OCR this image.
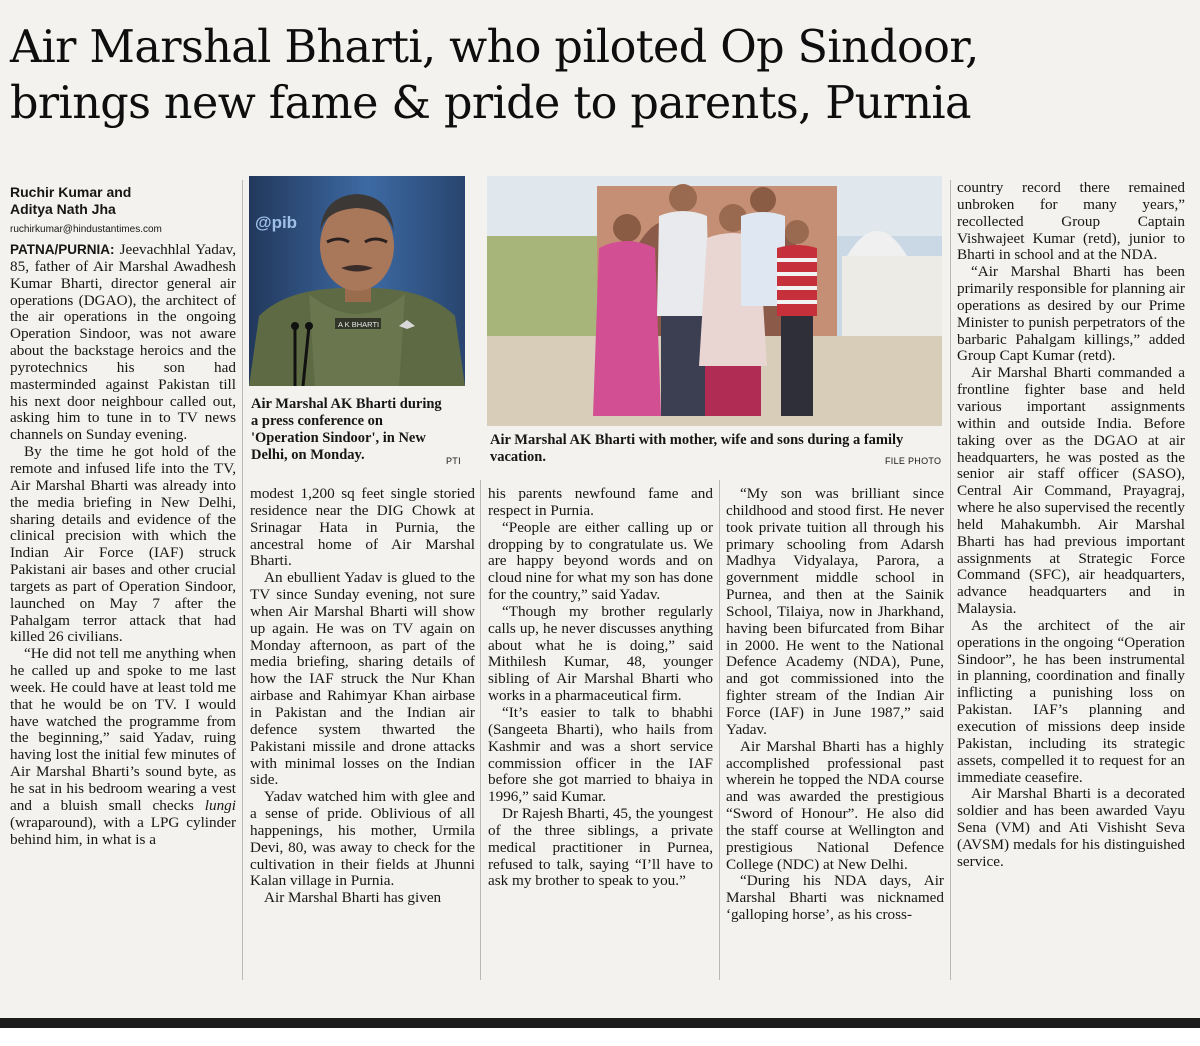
Air Marshal Bharti, who piloted Op Sindoor,
brings new fame & pride to parents, Purnia
Ruchir Kumar and
Aditya Nath Jha
ruchirkumar@hindustantimes.com

PATNA/PURNIA: Jeevachhlal Yadav, 85, father of Air Marshal Awadhesh Kumar Bharti, director general air operations (DGAO), the architect of the air operations in the ongoing Operation Sindoor, was not aware about the backstage heroics and the pyrotechnics his son had masterminded against Pakistan till his next door neighbour called out, asking him to tune in to TV news channels on Sunday evening.

By the time he got hold of the remote and infused life into the TV, Air Marshal Bharti was already into the media briefing in New Delhi, sharing details and evidence of the clinical precision with which the Indian Air Force (IAF) struck Pakistani air bases and other crucial targets as part of Operation Sindoor, launched on May 7 after the Pahalgam terror attack that had killed 26 civilians.

“He did not tell me anything when he called up and spoke to me last week. He could have at least told me that he would be on TV. I would have watched the programme from the beginning,” said Yadav, ruing having lost the initial few minutes of Air Marshal Bharti’s sound byte, as he sat in his bedroom wearing a vest and a bluish small checks lungi (wraparound), with a LPG cylinder behind him, in what is a

@pib
A K BHARTI
Air Marshal AK Bharti during a press conference on 'Operation Sindoor', in New Delhi, on Monday.	PTI

modest 1,200 sq feet single storied residence near the DIG Chowk at Srinagar Hata in Purnia, the ancestral home of Air Marshal Bharti.

An ebullient Yadav is glued to the TV since Sunday evening, not sure when Air Marshal Bharti will show up again. He was on TV again on Monday afternoon, as part of the media briefing, sharing details of how the IAF struck the Nur Khan airbase and Rahimyar Khan airbase in Pakistan and the Indian air defence system thwarted the Pakistani missile and drone attacks with minimal losses on the Indian side.

Yadav watched him with glee and a sense of pride. Oblivious of all happenings, his mother, Urmila Devi, 80, was away to check for the cultivation in their fields at Jhunni Kalan village in Purnia.

Air Marshal Bharti has given

Air Marshal AK Bharti with mother, wife and sons during a family vacation.	FILE PHOTO

his parents newfound fame and respect in Purnia.

“People are either calling up or dropping by to congratulate us. We are happy beyond words and on cloud nine for what my son has done for the country,” said Yadav.

“Though my brother regularly calls up, he never discusses anything about what he is doing,” said Mithilesh Kumar, 48, younger sibling of Air Marshal Bharti who works in a pharmaceutical firm.

“It’s easier to talk to bhabhi (Sangeeta Bharti), who hails from Kashmir and was a short service commission officer in the IAF before she got married to bhaiya in 1996,” said Kumar.

Dr Rajesh Bharti, 45, the youngest of the three siblings, a private medical practitioner in Purnea, refused to talk, saying “I’ll have to ask my brother to speak to you.”

“My son was brilliant since childhood and stood first. He never took private tuition all through his primary schooling from Adarsh Madhya Vidyalaya, Parora, a government middle school in Purnea, and then at the Sainik School, Tilaiya, now in Jharkhand, having been bifurcated from Bihar in 2000. He went to the National Defence Academy (NDA), Pune, and got commissioned into the fighter stream of the Indian Air Force (IAF) in June 1987,” said Yadav.

Air Marshal Bharti has a highly accomplished professional past wherein he topped the NDA course and was awarded the prestigious “Sword of Honour”. He also did the staff course at Wellington and prestigious National Defence College (NDC) at New Delhi.

“During his NDA days, Air Marshal Bharti was nicknamed ‘galloping horse’, as his cross-

country record there remained unbroken for many years,” recollected Group Captain Vishwajeet Kumar (retd), junior to Bharti in school and at the NDA.

“Air Marshal Bharti has been primarily responsible for planning air operations as desired by our Prime Minister to punish perpetrators of the barbaric Pahalgam killings,” added Group Capt Kumar (retd).

Air Marshal Bharti commanded a frontline fighter base and held various important assignments within and outside India. Before taking over as the DGAO at air headquarters, he was posted as the senior air staff officer (SASO), Central Air Command, Prayagraj, where he also supervised the recently held Mahakumbh. Air Marshal Bharti has had previous important assignments at Strategic Force Command (SFC), air headquarters, advance headquarters and in Malaysia.

As the architect of the air operations in the ongoing “Operation Sindoor”, he has been instrumental in planning, coordination and finally inflicting a punishing loss on Pakistan. IAF’s planning and execution of missions deep inside Pakistan, including its strategic assets, compelled it to request for an immediate ceasefire.

Air Marshal Bharti is a decorated soldier and has been awarded Vayu Sena (VM) and Ati Vishisht Seva (AVSM) medals for his distinguished service.
